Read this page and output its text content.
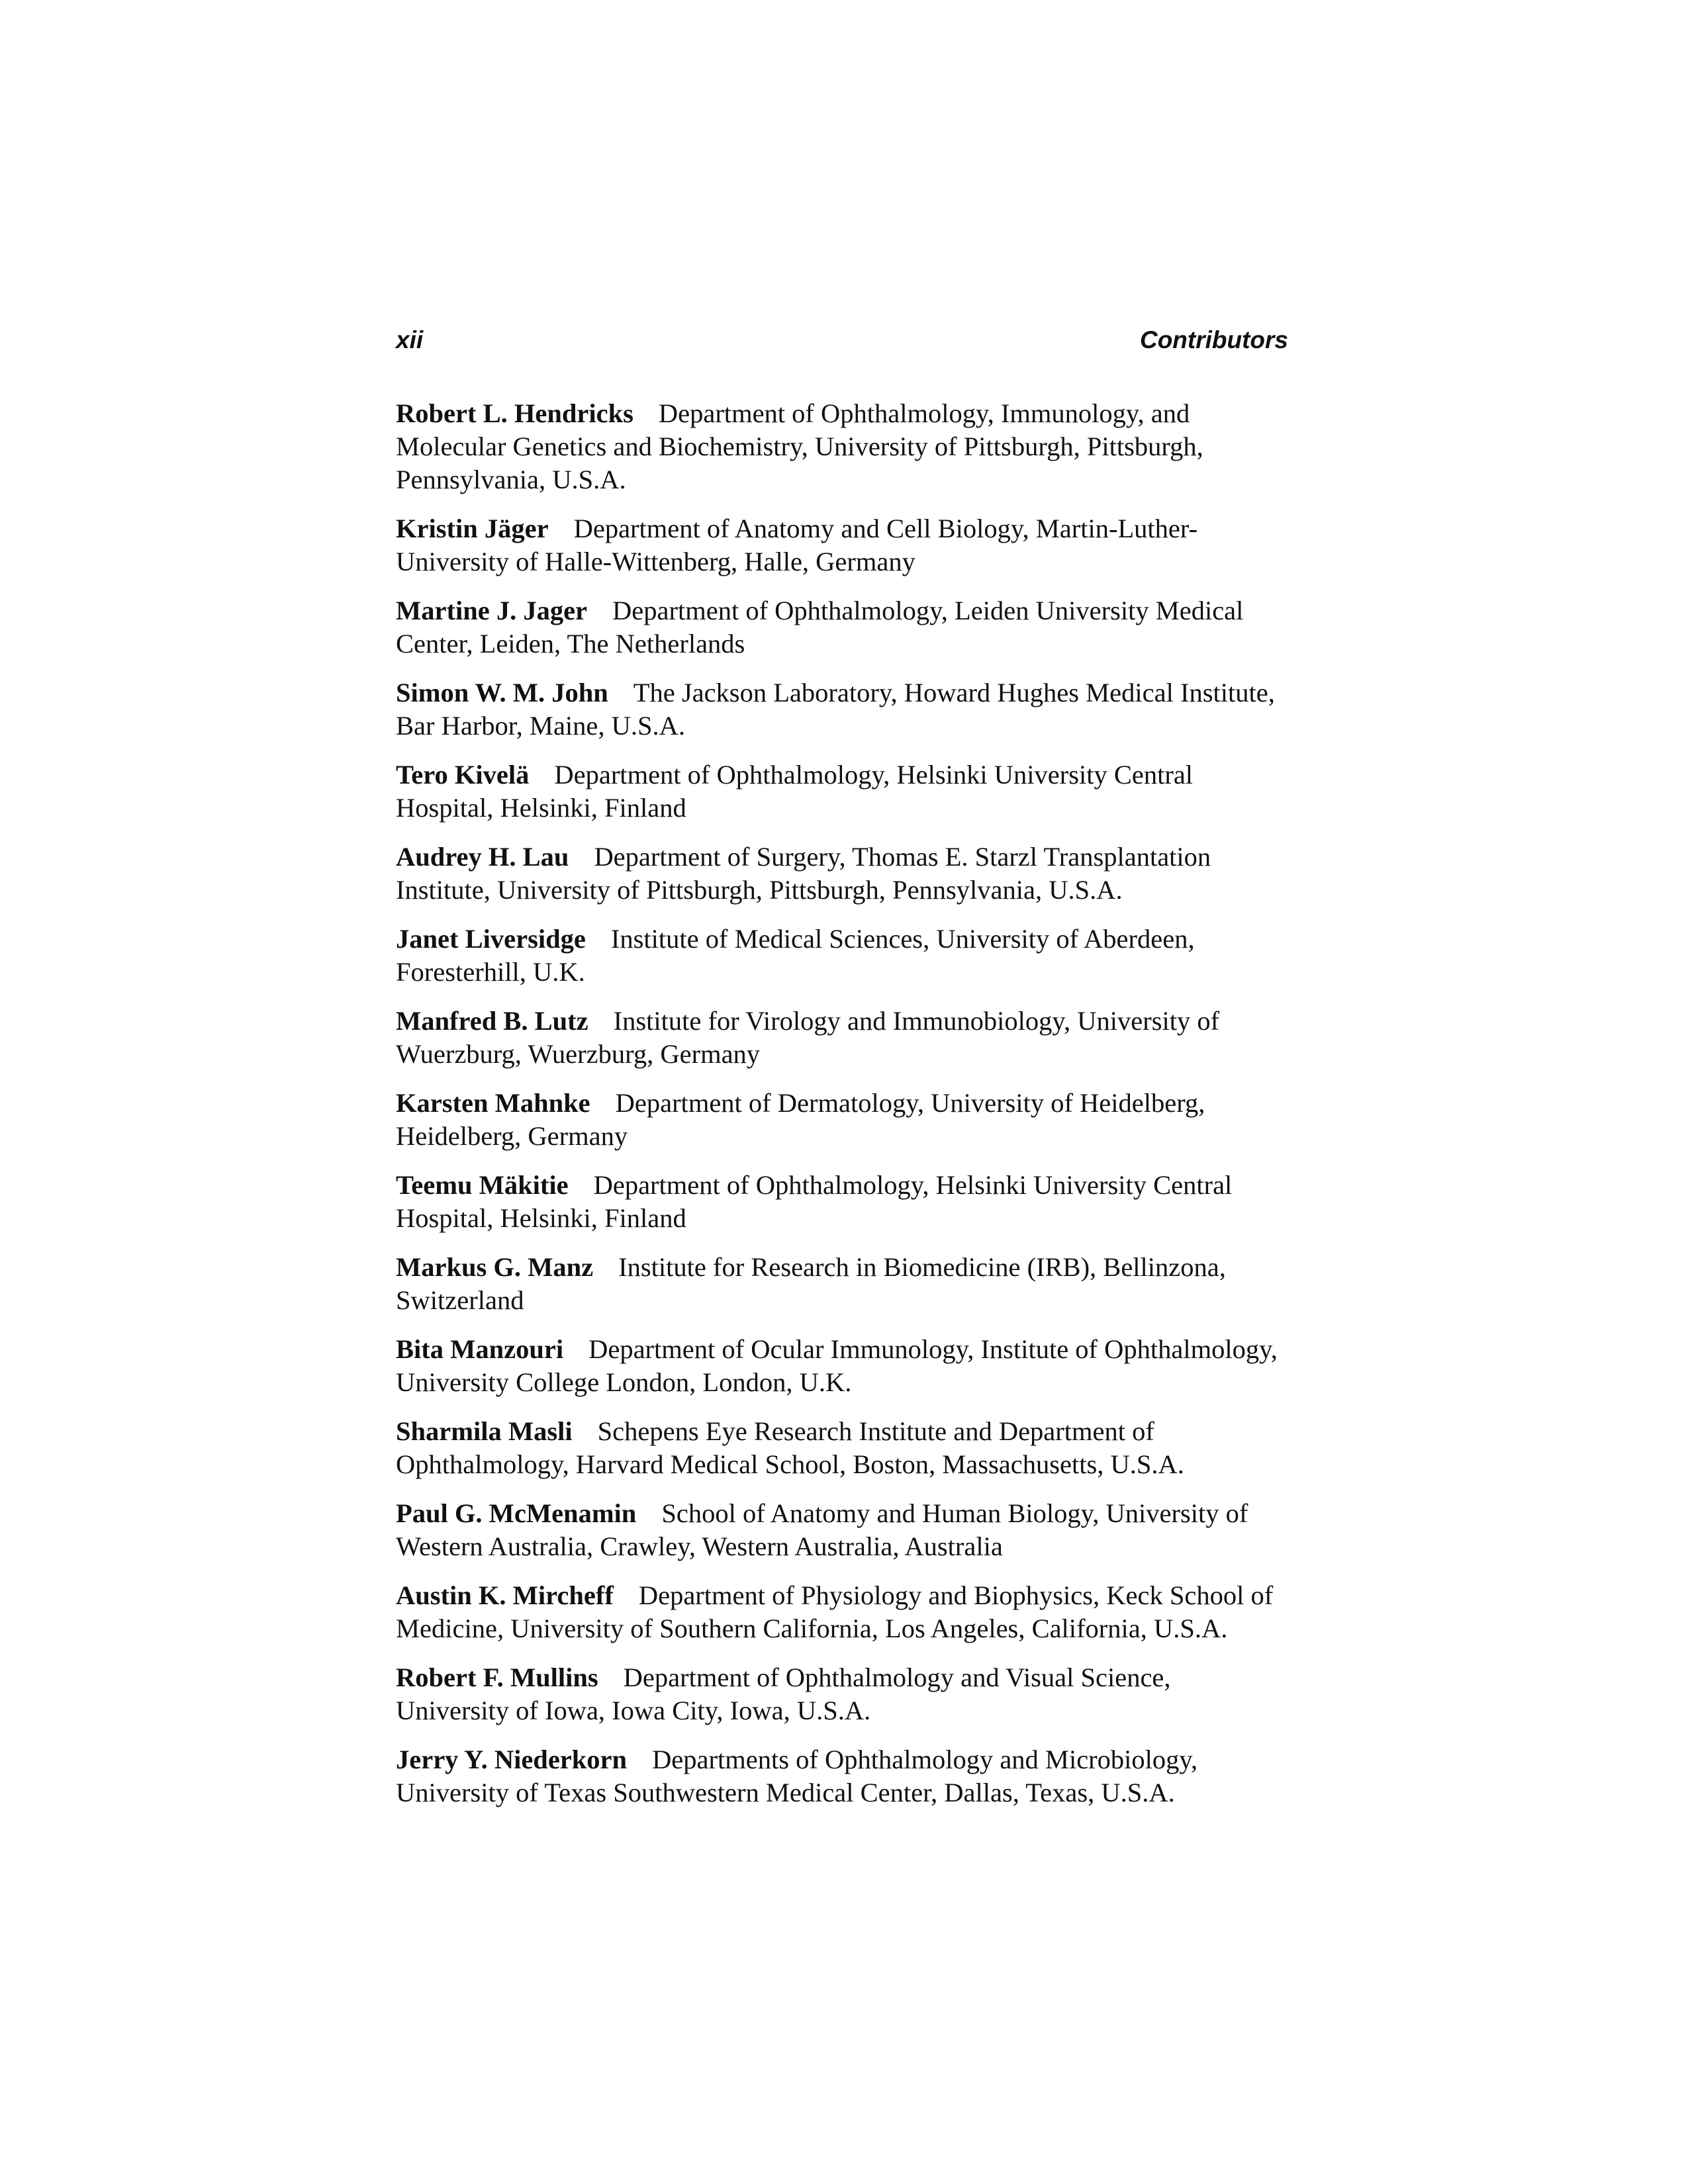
xii	Contributors

Robert L. Hendricks Department of Ophthalmology, Immunology, and Molecular Genetics and Biochemistry, University of Pittsburgh, Pittsburgh, Pennsylvania, U.S.A.

Kristin Jäger Department of Anatomy and Cell Biology, Martin-Luther-University of Halle-Wittenberg, Halle, Germany

Martine J. Jager Department of Ophthalmology, Leiden University Medical Center, Leiden, The Netherlands

Simon W. M. John The Jackson Laboratory, Howard Hughes Medical Institute, Bar Harbor, Maine, U.S.A.

Tero Kivelä Department of Ophthalmology, Helsinki University Central Hospital, Helsinki, Finland

Audrey H. Lau Department of Surgery, Thomas E. Starzl Transplantation Institute, University of Pittsburgh, Pittsburgh, Pennsylvania, U.S.A.

Janet Liversidge Institute of Medical Sciences, University of Aberdeen, Foresterhill, U.K.

Manfred B. Lutz Institute for Virology and Immunobiology, University of Wuerzburg, Wuerzburg, Germany

Karsten Mahnke Department of Dermatology, University of Heidelberg, Heidelberg, Germany

Teemu Mäkitie Department of Ophthalmology, Helsinki University Central Hospital, Helsinki, Finland

Markus G. Manz Institute for Research in Biomedicine (IRB), Bellinzona, Switzerland

Bita Manzouri Department of Ocular Immunology, Institute of Ophthalmology, University College London, London, U.K.

Sharmila Masli Schepens Eye Research Institute and Department of Ophthalmology, Harvard Medical School, Boston, Massachusetts, U.S.A.

Paul G. McMenamin School of Anatomy and Human Biology, University of Western Australia, Crawley, Western Australia, Australia

Austin K. Mircheff Department of Physiology and Biophysics, Keck School of Medicine, University of Southern California, Los Angeles, California, U.S.A.

Robert F. Mullins Department of Ophthalmology and Visual Science, University of Iowa, Iowa City, Iowa, U.S.A.

Jerry Y. Niederkorn Departments of Ophthalmology and Microbiology, University of Texas Southwestern Medical Center, Dallas, Texas, U.S.A.
